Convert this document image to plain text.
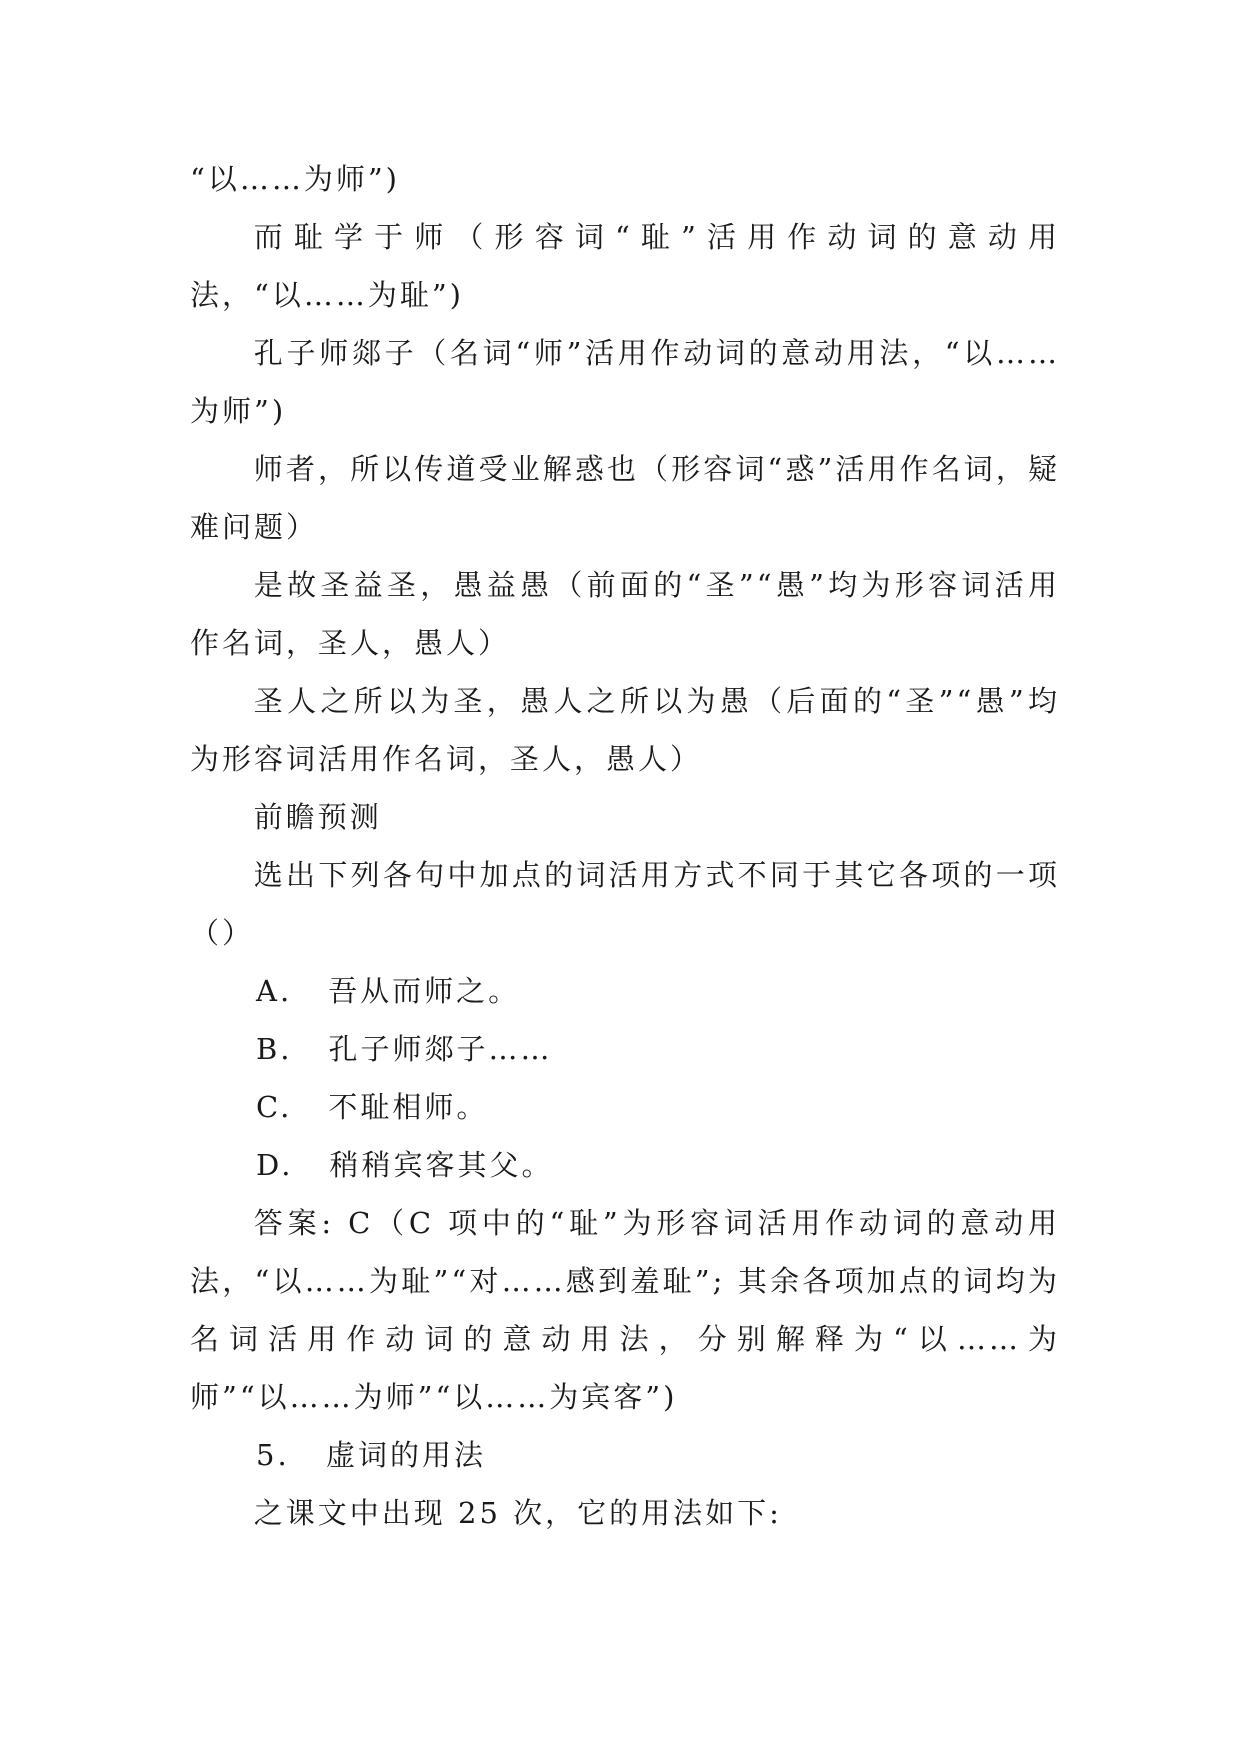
“以……为师”)

而耻学于师（形容词“耻”活用作动词的意动用法，“以……为耻”)

孔子师郯子（名词“师”活用作动词的意动用法，“以……为师”)

师者，所以传道受业解惑也（形容词“惑”活用作名词，疑难问题）

是故圣益圣，愚益愚（前面的“圣”“愚”均为形容词活用作名词，圣人，愚人）

圣人之所以为圣，愚人之所以为愚（后面的“圣”“愚”均为形容词活用作名词，圣人，愚人）

前瞻预测

选出下列各句中加点的词活用方式不同于其它各项的一项（）

A. 吾从而师之。

B. 孔子师郯子……

C. 不耻相师。

D. 稍稍宾客其父。

答案: C（C 项中的“耻”为形容词活用作动词的意动用法，“以……为耻”“对……感到羞耻”; 其余各项加点的词均为名词活用作动词的意动用法，分别解释为“以……为师”“以……为师”“以……为宾客”)

5. 虚词的用法

之课文中出现 25 次，它的用法如下:
